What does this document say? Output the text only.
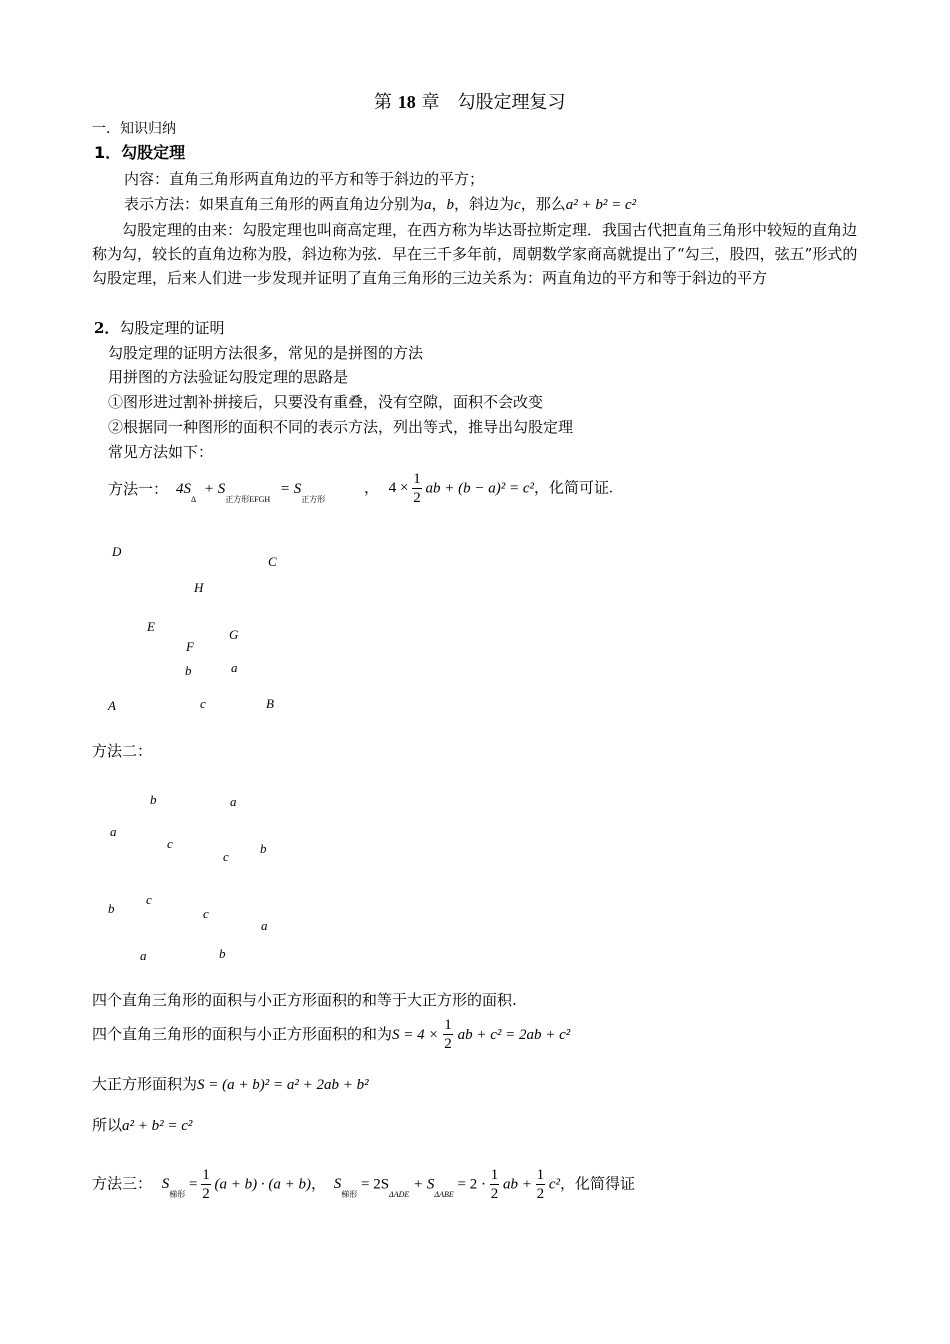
第 18 章　勾股定理复习
一．知识归纳
1．勾股定理
内容：直角三角形两直角边的平方和等于斜边的平方；
表示方法：如果直角三角形的两直角边分别为a，b，斜边为c，那么a² + b² = c²
勾股定理的由来：勾股定理也叫商高定理，在西方称为毕达哥拉斯定理．我国古代把直角三角形中较短的直角边称为勾，较长的直角边称为股，斜边称为弦．早在三千多年前，周朝数学家商高就提出了“勾三，股四，弦五”形式的勾股定理，后来人们进一步发现并证明了直角三角形的三边关系为：两直角边的平方和等于斜边的平方
2．勾股定理的证明
勾股定理的证明方法很多，常见的是拼图的方法
用拼图的方法验证勾股定理的思路是
①图形进过割补拼接后，只要没有重叠，没有空隙，面积不会改变
②根据同一种图形的面积不同的表示方法，列出等式，推导出勾股定理
常见方法如下：
方法一： $4S_\Delta + S_{正方形EFGH} = S_{正方形}$
， $4 \times \frac{1}{2}$ ab + (b − a)² = c²，化简可证.
D
C
H
E
G
F
b	a
A	c	B
方法二：
b	a
a
c
c
b
c
b	c
a
a	b
四个直角三角形的面积与小正方形面积的和等于大正方形的面积.
四个直角三角形的面积与小正方形面积的和为$S = 4 \times \frac{1}{2}$ ab + c² = 2ab + c²
大正方形面积为S = (a + b)² = a² + 2ab + b²
所以a² + b² = c²
方法三： $S_{梯形} = \frac{1}{2} (a + b) \cdot (a + b)$， $S_{梯形} = 2S_{\Delta ADE} + S_{\Delta ABE} = 2 \cdot \frac{1}{2}$ ab + $\frac{1}{2} c^2$，化简得证
